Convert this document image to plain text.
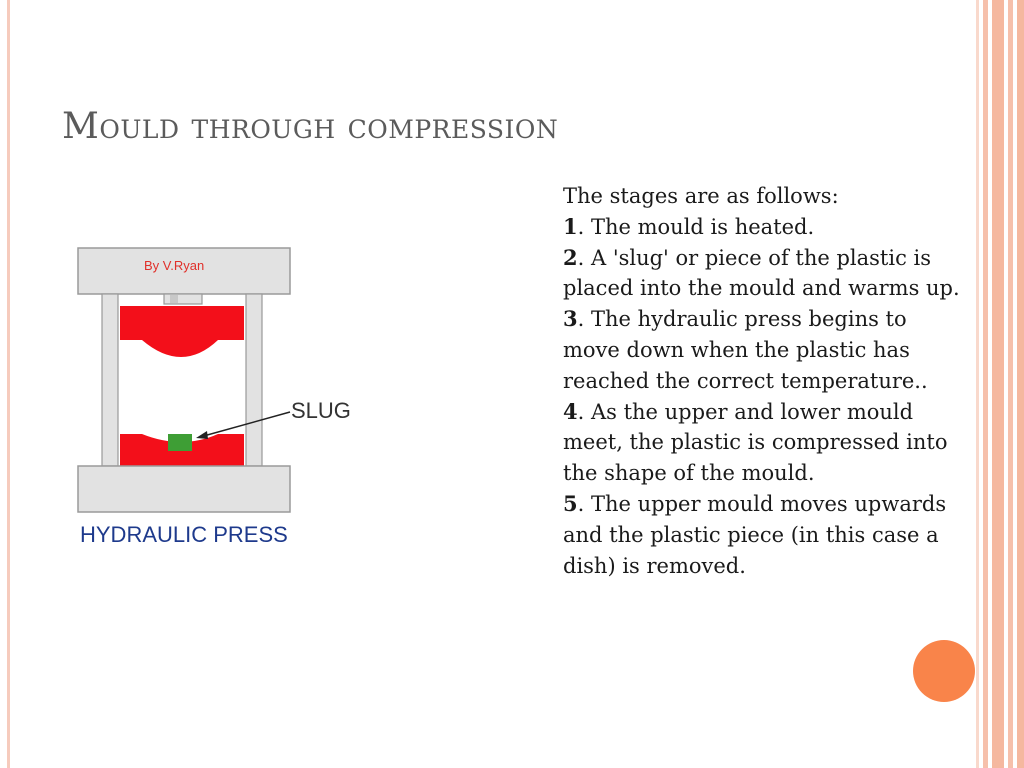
Mould through compression

The stages are as follows:

1. The mould is heated.

2. A 'slug' or piece of the plastic is placed into the mould and warms up.

3. The hydraulic press begins to move down when the plastic has reached the correct temperature..

4. As the upper and lower mould meet, the plastic is compressed into the shape of the mould.

5. The upper mould moves upwards and the plastic piece (in this case a dish) is removed.

By V.Ryan
SLUG
HYDRAULIC PRESS
